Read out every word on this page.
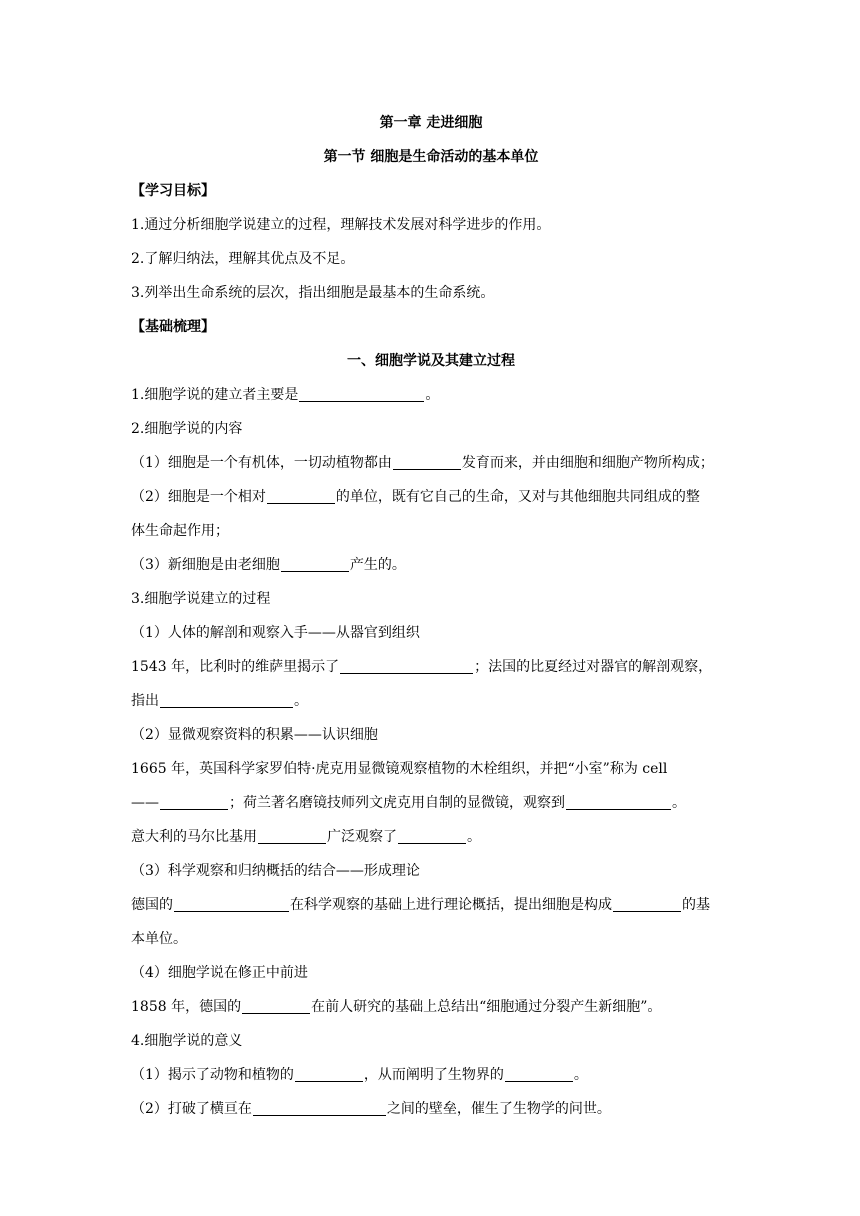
第一章 走进细胞
第一节 细胞是生命活动的基本单位
【学习目标】
1.通过分析细胞学说建立的过程，理解技术发展对科学进步的作用。
2.了解归纳法，理解其优点及不足。
3.列举出生命系统的层次，指出细胞是最基本的生命系统。
【基础梳理】
一、细胞学说及其建立过程
1.细胞学说的建立者主要是	。
2.细胞学说的内容
（1）细胞是一个有机体，一切动植物都由	发育而来，并由细胞和细胞产物所构成；
（2）细胞是一个相对	的单位，既有它自己的生命，又对与其他细胞共同组成的整
体生命起作用；
（3）新细胞是由老细胞	产生的。
3.细胞学说建立的过程
（1）人体的解剖和观察入手——从器官到组织
1543 年，比利时的维萨里揭示了	；法国的比夏经过对器官的解剖观察，
指出	。
（2）显微观察资料的积累——认识细胞
1665 年，英国科学家罗伯特·虎克用显微镜观察植物的木栓组织，并把“小室”称为 cell
——	；荷兰著名磨镜技师列文虎克用自制的显微镜，观察到	。
意大利的马尔比基用	广泛观察了	。
（3）科学观察和归纳概括的结合——形成理论
德国的	在科学观察的基础上进行理论概括，提出细胞是构成	的基
本单位。
（4）细胞学说在修正中前进
1858 年，德国的	在前人研究的基础上总结出“细胞通过分裂产生新细胞”。
4.细胞学说的意义
（1）揭示了动物和植物的	，从而阐明了生物界的	。
（2）打破了横亘在	之间的壁垒，催生了生物学的问世。
